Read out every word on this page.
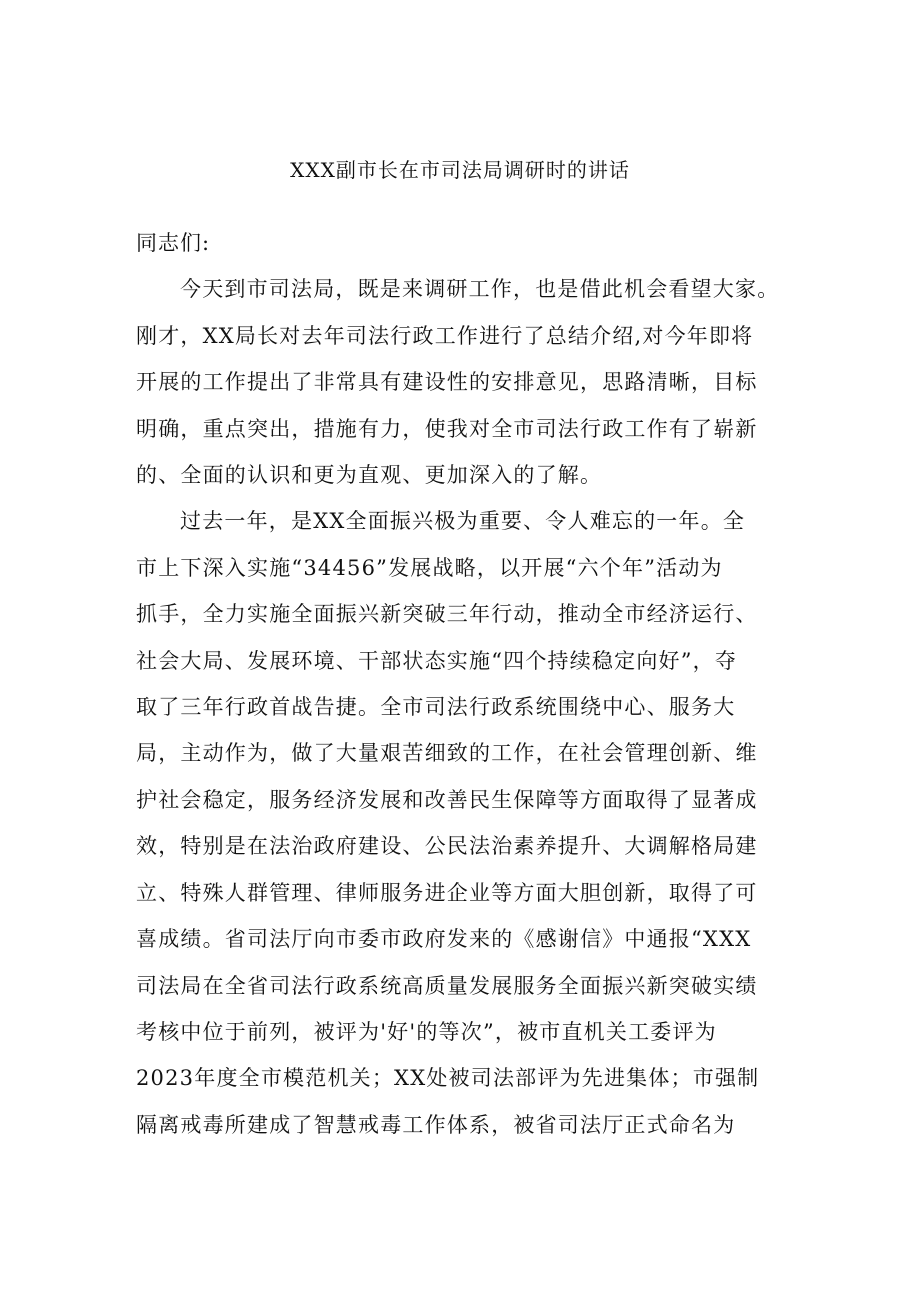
XXX副市长在市司法局调研时的讲话
同志们:
今天到市司法局，既是来调研工作，也是借此机会看望大家。
刚才，XX局长对去年司法行政工作进行了总结介绍,对今年即将
开展的工作提出了非常具有建设性的安排意见，思路清晰，目标
明确，重点突出，措施有力，使我对全市司法行政工作有了崭新
的、全面的认识和更为直观、更加深入的了解。
过去一年，是XX全面振兴极为重要、令人难忘的一年。全
市上下深入实施“34456”发展战略，以开展“六个年”活动为
抓手，全力实施全面振兴新突破三年行动，推动全市经济运行、
社会大局、发展环境、干部状态实施“四个持续稳定向好”，夺
取了三年行政首战告捷。全市司法行政系统围绕中心、服务大
局，主动作为，做了大量艰苦细致的工作，在社会管理创新、维
护社会稳定，服务经济发展和改善民生保障等方面取得了显著成
效，特别是在法治政府建设、公民法治素养提升、大调解格局建
立、特殊人群管理、律师服务进企业等方面大胆创新，取得了可
喜成绩。省司法厅向市委市政府发来的《感谢信》中通报“XXX
司法局在全省司法行政系统高质量发展服务全面振兴新突破实绩
考核中位于前列，被评为'好'的等次”，被市直机关工委评为
2023年度全市模范机关；XX处被司法部评为先进集体；市强制
隔离戒毒所建成了智慧戒毒工作体系，被省司法厅正式命名为
